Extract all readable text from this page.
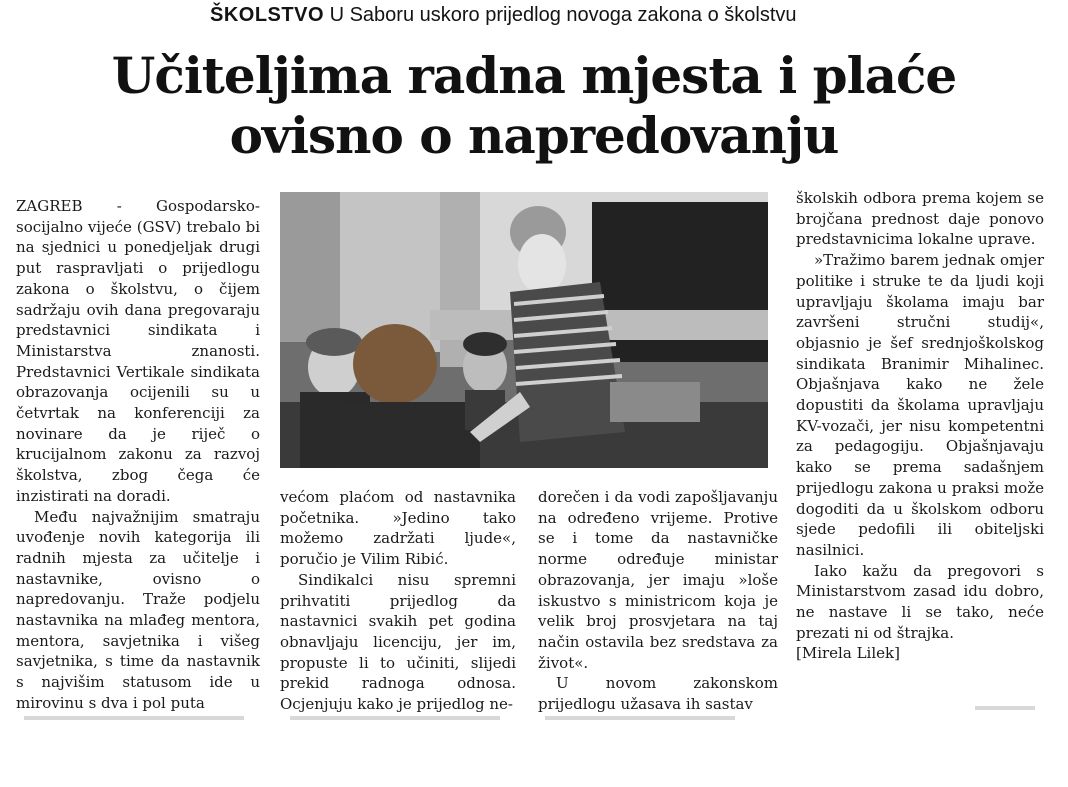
ŠKOLSTVO U Saboru uskoro prijedlog novoga zakona o školstvu
Učiteljima radna mjesta i plaće
ovisno o napredovanju

ZAGREB - Gospodarsko-socijalno vijeće (GSV) trebalo bi na sjednici u ponedjeljak drugi put raspravljati o prijedlogu zakona o školstvu, o čijem sadržaju ovih dana pregovaraju predstavnici sindikata i Ministarstva znanosti. Predstavnici Vertikale sindikata obrazovanja ocijenili su u četvrtak na konferenciji za novinare da je riječ o krucijalnom zakonu za razvoj školstva, zbog čega će inzistirati na doradi.

Među najvažnijim smatraju uvođenje novih kategorija ili radnih mjesta za učitelje i nastavnike, ovisno o napredovanju. Traže podjelu nastavnika na mlađeg mentora, mentora, savjetnika i višeg savjetnika, s time da nastavnik s najvišim statusom ide u mirovinu s dva i pol puta

većom plaćom od nastavnika početnika. »Jedino tako možemo zadržati ljude«, poručio je Vilim Ribić.

Sindikalci nisu spremni prihvatiti prijedlog da nastavnici svakih pet godina obnavljaju licenciju, jer im, propuste li to učiniti, slijedi prekid radnoga odnosa. Ocjenjuju kako je prijedlog ne-

dorečen i da vodi zapošljavanju na određeno vrijeme. Protive se i tome da nastavničke norme određuje ministar obrazovanja, jer imaju »loše iskustvo s ministricom koja je velik broj prosvjetara na taj način ostavila bez sredstava za život«.

U novom zakonskom prijedlogu užasava ih sastav

školskih odbora prema kojem se brojčana prednost daje ponovo predstavnicima lokalne uprave.

»Tražimo barem jednak omjer politike i struke te da ljudi koji upravljaju školama imaju bar završeni stručni studij«, objasnio je šef srednjoškolskog sindikata Branimir Mihalinec. Objašnjava kako ne žele dopustiti da školama upravljaju KV-vozači, jer nisu kompetentni za pedagogiju. Objašnjavaju kako se prema sadašnjem prijedlogu zakona u praksi može dogoditi da u školskom odboru sjede pedofili ili obiteljski nasilnici.

Iako kažu da pregovori s Ministarstvom zasad idu dobro, ne nastave li se tako, neće prezati ni od štrajka.

[Mirela Lilek]
